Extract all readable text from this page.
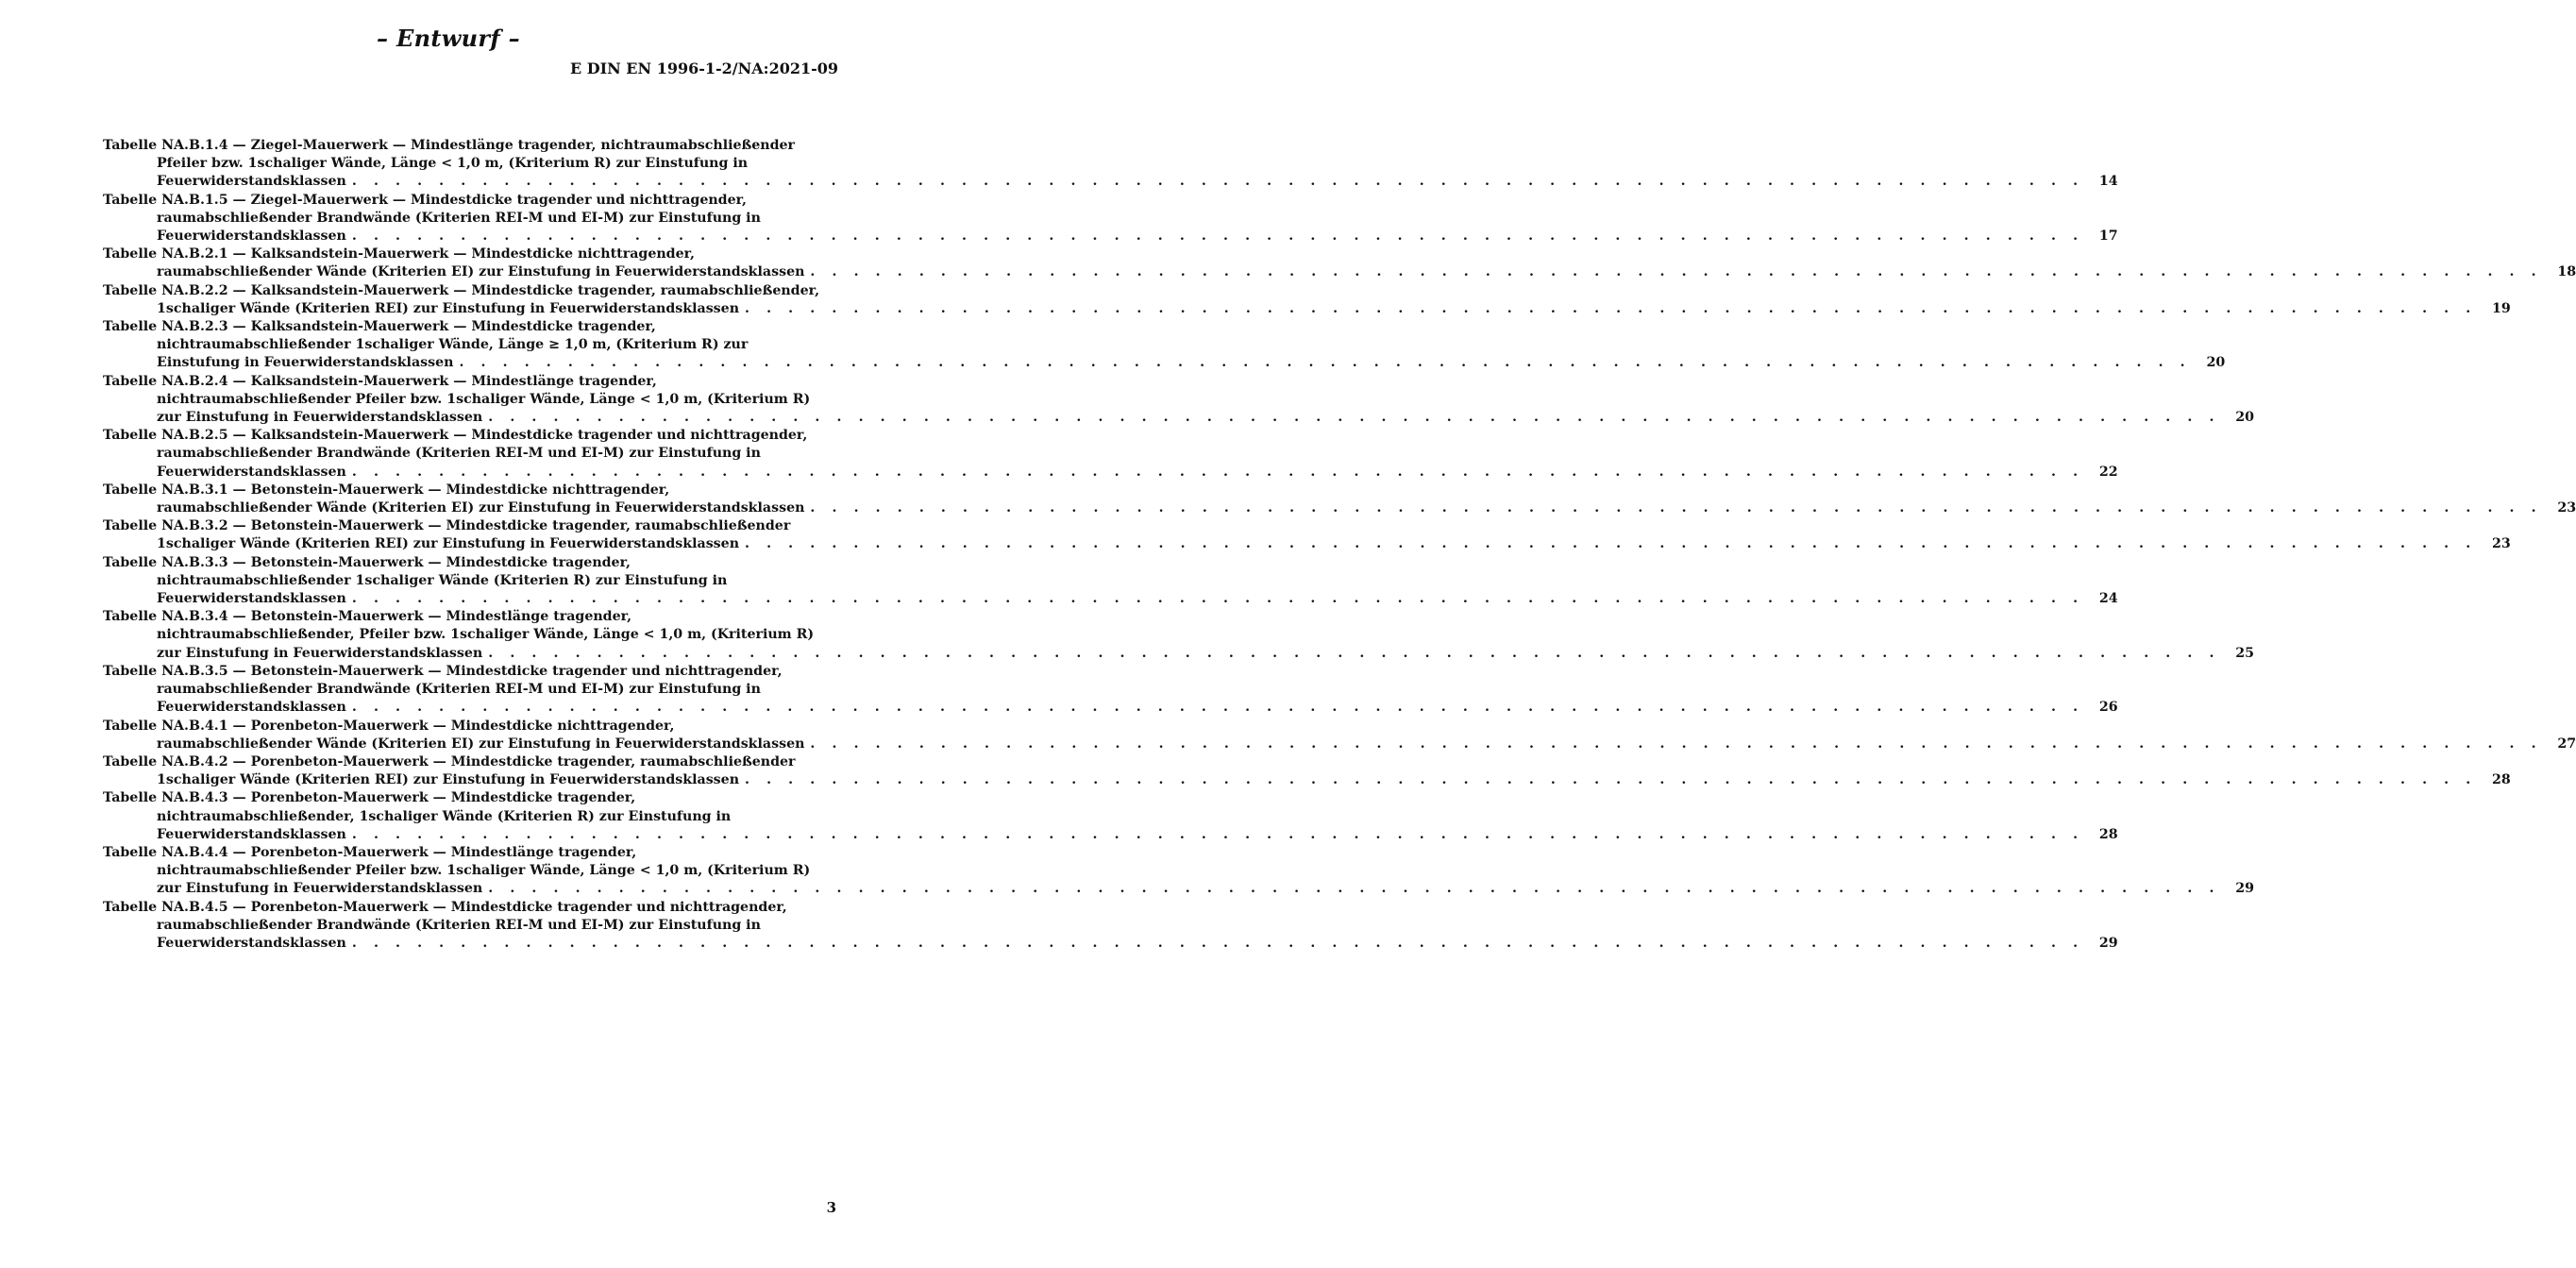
– Entwurf –
E DIN EN 1996-1-2/NA:2021-09
Tabelle NA.B.1.4 — Ziegel-Mauerwerk — Mindestlänge tragender, nichtraumabschließender
Pfeiler bzw. 1schaliger Wände, Länge < 1,0 m, (Kriterium R) zur Einstufung in
Feuerwiderstandsklassen . . . . . . . . . . . . . . . . . . . . . . . . . . . . . . . . . . . . . . . . . . . . . . . . . . . . . . . . . . . . . . . . . . . . . . . . . . . . . . . . 14
Tabelle NA.B.1.5 — Ziegel-Mauerwerk — Mindestdicke tragender und nichttragender,
raumabschließender Brandwände (Kriterien REI-M und EI-M) zur Einstufung in
Feuerwiderstandsklassen . . . . . . . . . . . . . . . . . . . . . . . . . . . . . . . . . . . . . . . . . . . . . . . . . . . . . . . . . . . . . . . . . . . . . . . . . . . . . . . . 17
Tabelle NA.B.2.1 — Kalksandstein-Mauerwerk — Mindestdicke nichttragender,
raumabschließender Wände (Kriterien EI) zur Einstufung in Feuerwiderstandsklassen . . . . . . . . . . . . . . . . . . . . . . . . . . . . . . . . . . . . . . . . . . . . . . . . . . . . . . . . . . . . . . . . . . . . . . . . . . . . . . . . 18
Tabelle NA.B.2.2 — Kalksandstein-Mauerwerk — Mindestdicke tragender, raumabschließender,
1schaliger Wände (Kriterien REI) zur Einstufung in Feuerwiderstandsklassen . . . . . . . . . . . . . . . . . . . . . . . . . . . . . . . . . . . . . . . . . . . . . . . . . . . . . . . . . . . . . . . . . . . . . . . . . . . . . . . . 19
Tabelle NA.B.2.3 — Kalksandstein-Mauerwerk — Mindestdicke tragender,
nichtraumabschließender 1schaliger Wände, Länge ≥ 1,0 m, (Kriterium R) zur
Einstufung in Feuerwiderstandsklassen . . . . . . . . . . . . . . . . . . . . . . . . . . . . . . . . . . . . . . . . . . . . . . . . . . . . . . . . . . . . . . . . . . . . . . . . . . . . . . . . 20
Tabelle NA.B.2.4 — Kalksandstein-Mauerwerk — Mindestlänge tragender,
nichtraumabschließender Pfeiler bzw. 1schaliger Wände, Länge < 1,0 m, (Kriterium R)
zur Einstufung in Feuerwiderstandsklassen . . . . . . . . . . . . . . . . . . . . . . . . . . . . . . . . . . . . . . . . . . . . . . . . . . . . . . . . . . . . . . . . . . . . . . . . . . . . . . . . 20
Tabelle NA.B.2.5 — Kalksandstein-Mauerwerk — Mindestdicke tragender und nichttragender,
raumabschließender Brandwände (Kriterien REI-M und EI-M) zur Einstufung in
Feuerwiderstandsklassen . . . . . . . . . . . . . . . . . . . . . . . . . . . . . . . . . . . . . . . . . . . . . . . . . . . . . . . . . . . . . . . . . . . . . . . . . . . . . . . . 22
Tabelle NA.B.3.1 — Betonstein-Mauerwerk — Mindestdicke nichttragender,
raumabschließender Wände (Kriterien EI) zur Einstufung in Feuerwiderstandsklassen . . . . . . . . . . . . . . . . . . . . . . . . . . . . . . . . . . . . . . . . . . . . . . . . . . . . . . . . . . . . . . . . . . . . . . . . . . . . . . . . 23
Tabelle NA.B.3.2 — Betonstein-Mauerwerk — Mindestdicke tragender, raumabschließender
1schaliger Wände (Kriterien REI) zur Einstufung in Feuerwiderstandsklassen . . . . . . . . . . . . . . . . . . . . . . . . . . . . . . . . . . . . . . . . . . . . . . . . . . . . . . . . . . . . . . . . . . . . . . . . . . . . . . . . 23
Tabelle NA.B.3.3 — Betonstein-Mauerwerk — Mindestdicke tragender,
nichtraumabschließender 1schaliger Wände (Kriterien R) zur Einstufung in
Feuerwiderstandsklassen . . . . . . . . . . . . . . . . . . . . . . . . . . . . . . . . . . . . . . . . . . . . . . . . . . . . . . . . . . . . . . . . . . . . . . . . . . . . . . . . 24
Tabelle NA.B.3.4 — Betonstein-Mauerwerk — Mindestlänge tragender,
nichtraumabschließender, Pfeiler bzw. 1schaliger Wände, Länge < 1,0 m, (Kriterium R)
zur Einstufung in Feuerwiderstandsklassen . . . . . . . . . . . . . . . . . . . . . . . . . . . . . . . . . . . . . . . . . . . . . . . . . . . . . . . . . . . . . . . . . . . . . . . . . . . . . . . . 25
Tabelle NA.B.3.5 — Betonstein-Mauerwerk — Mindestdicke tragender und nichttragender,
raumabschließender Brandwände (Kriterien REI-M und EI-M) zur Einstufung in
Feuerwiderstandsklassen . . . . . . . . . . . . . . . . . . . . . . . . . . . . . . . . . . . . . . . . . . . . . . . . . . . . . . . . . . . . . . . . . . . . . . . . . . . . . . . . 26
Tabelle NA.B.4.1 — Porenbeton-Mauerwerk — Mindestdicke nichttragender,
raumabschließender Wände (Kriterien EI) zur Einstufung in Feuerwiderstandsklassen . . . . . . . . . . . . . . . . . . . . . . . . . . . . . . . . . . . . . . . . . . . . . . . . . . . . . . . . . . . . . . . . . . . . . . . . . . . . . . . . 27
Tabelle NA.B.4.2 — Porenbeton-Mauerwerk — Mindestdicke tragender, raumabschließender
1schaliger Wände (Kriterien REI) zur Einstufung in Feuerwiderstandsklassen . . . . . . . . . . . . . . . . . . . . . . . . . . . . . . . . . . . . . . . . . . . . . . . . . . . . . . . . . . . . . . . . . . . . . . . . . . . . . . . . 28
Tabelle NA.B.4.3 — Porenbeton-Mauerwerk — Mindestdicke tragender,
nichtraumabschließender, 1schaliger Wände (Kriterien R) zur Einstufung in
Feuerwiderstandsklassen . . . . . . . . . . . . . . . . . . . . . . . . . . . . . . . . . . . . . . . . . . . . . . . . . . . . . . . . . . . . . . . . . . . . . . . . . . . . . . . . 28
Tabelle NA.B.4.4 — Porenbeton-Mauerwerk — Mindestlänge tragender,
nichtraumabschließender Pfeiler bzw. 1schaliger Wände, Länge < 1,0 m, (Kriterium R)
zur Einstufung in Feuerwiderstandsklassen . . . . . . . . . . . . . . . . . . . . . . . . . . . . . . . . . . . . . . . . . . . . . . . . . . . . . . . . . . . . . . . . . . . . . . . . . . . . . . . . 29
Tabelle NA.B.4.5 — Porenbeton-Mauerwerk — Mindestdicke tragender und nichttragender,
raumabschließender Brandwände (Kriterien REI-M und EI-M) zur Einstufung in
Feuerwiderstandsklassen . . . . . . . . . . . . . . . . . . . . . . . . . . . . . . . . . . . . . . . . . . . . . . . . . . . . . . . . . . . . . . . . . . . . . . . . . . . . . . . . 29
3
